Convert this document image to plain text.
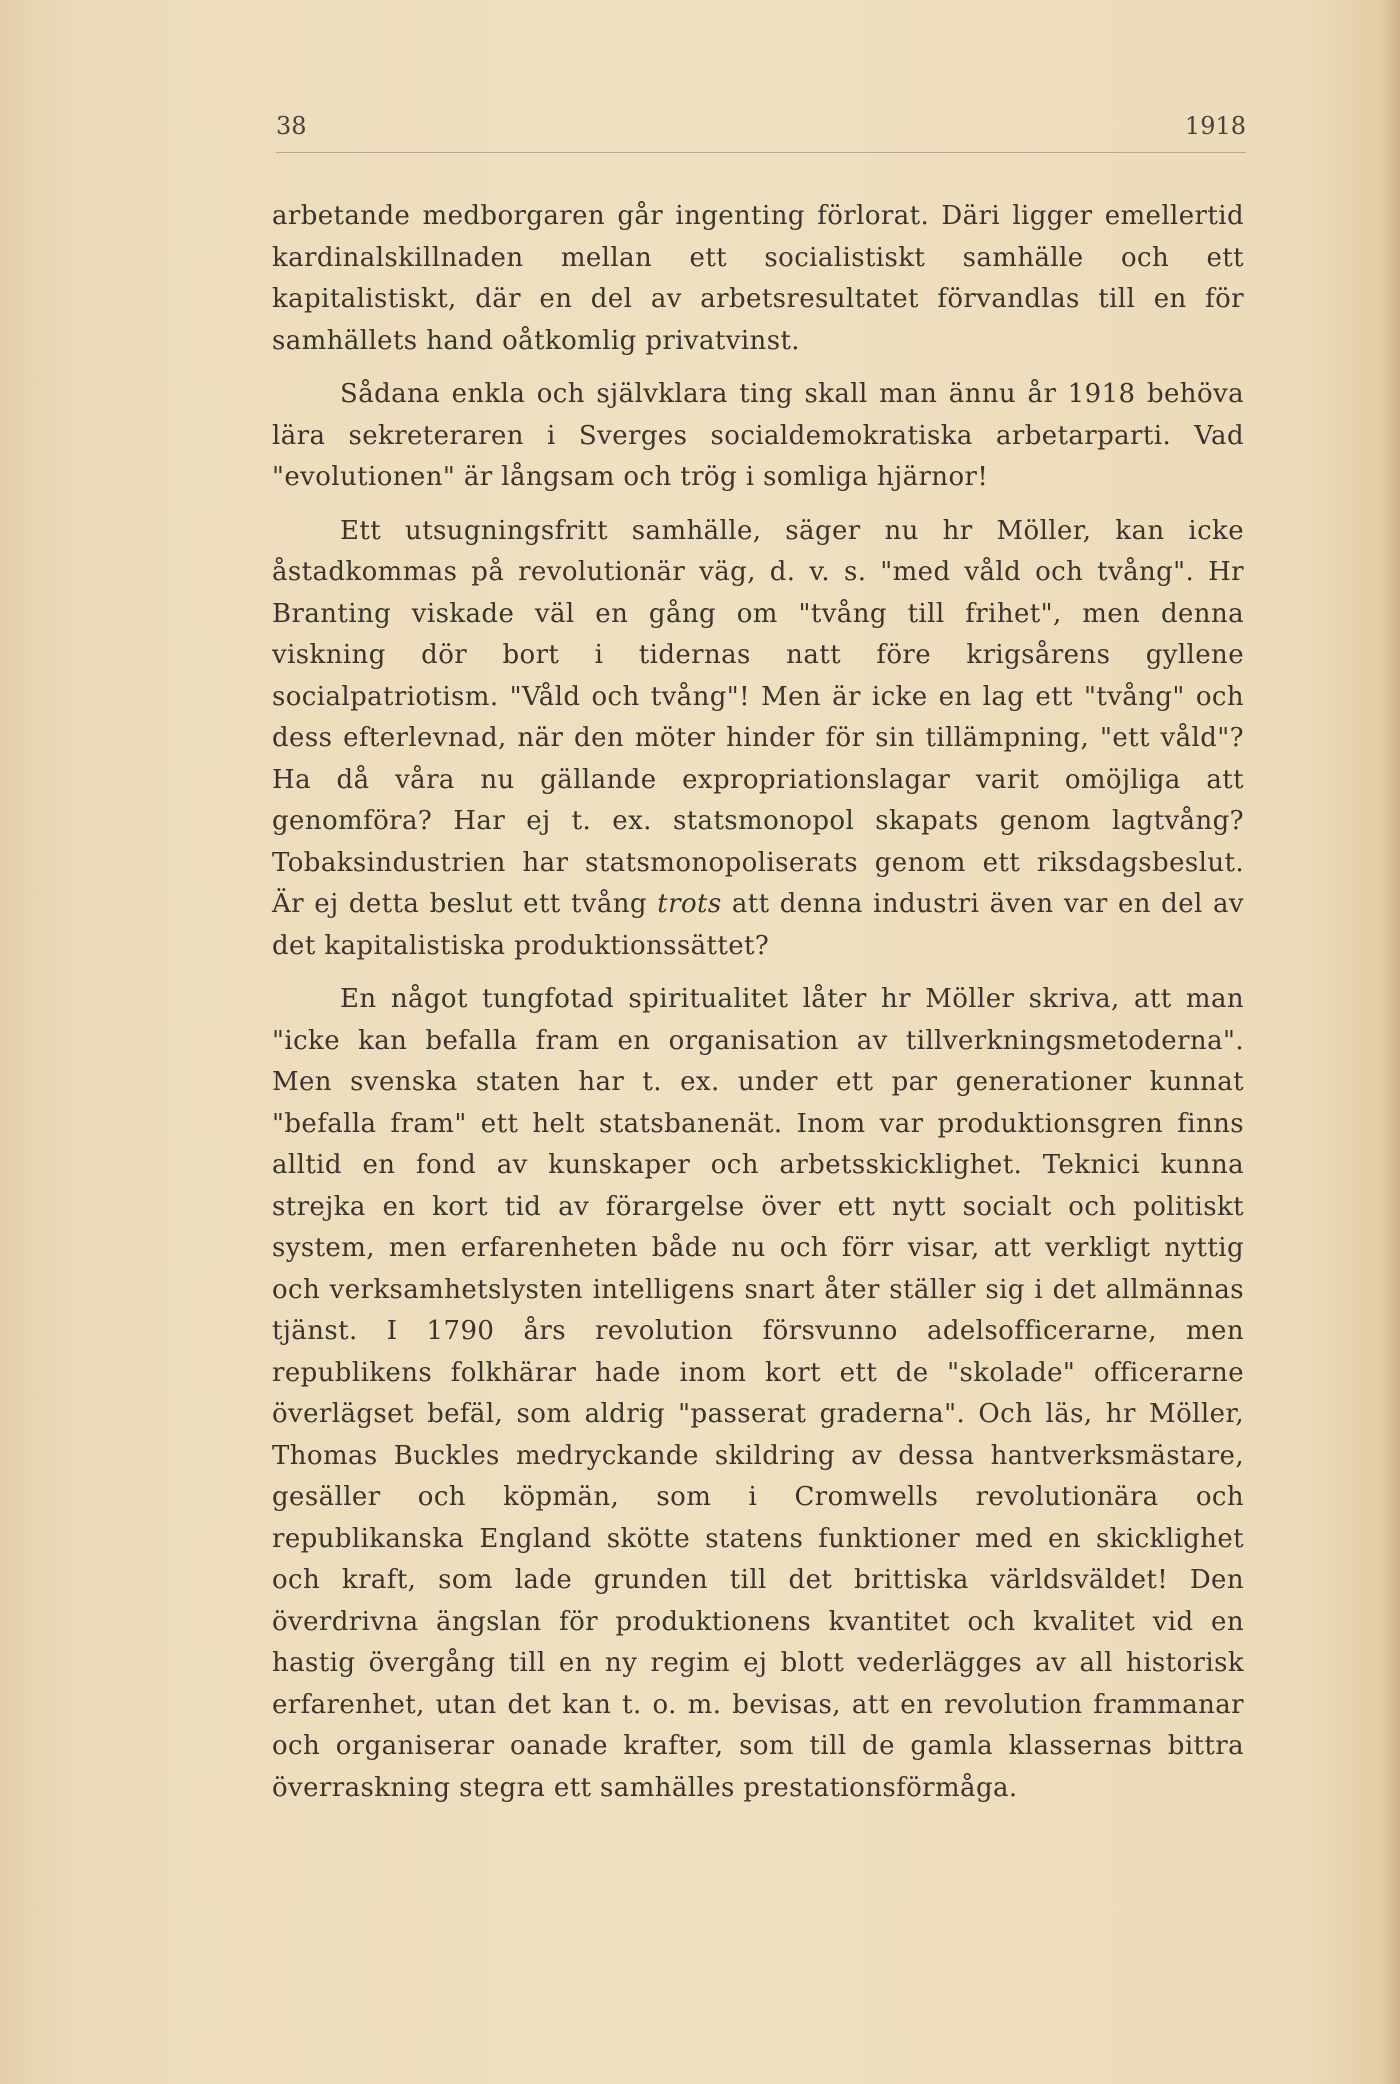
38	1918

arbetande medborgaren går ingenting förlorat. Däri ligger emellertid kardinalskillnaden mellan ett socialistiskt samhälle och ett kapitalistiskt, där en del av arbetsresultatet förvandlas till en för samhällets hand oåtkomlig privatvinst.

Sådana enkla och självklara ting skall man ännu år 1918 behöva lära sekreteraren i Sverges socialdemokratiska arbetarparti. Vad "evolutionen" är långsam och trög i somliga hjärnor!

Ett utsugningsfritt samhälle, säger nu hr Möller, kan icke åstadkommas på revolutionär väg, d. v. s. "med våld och tvång". Hr Branting viskade väl en gång om "tvång till frihet", men denna viskning dör bort i tidernas natt före krigsårens gyllene socialpatriotism. "Våld och tvång"! Men är icke en lag ett "tvång" och dess efterlevnad, när den möter hinder för sin tillämpning, "ett våld"? Ha då våra nu gällande expropriationslagar varit omöjliga att genomföra? Har ej t. ex. statsmonopol skapats genom lagtvång? Tobaksindustrien har statsmonopoliserats genom ett riksdagsbeslut. Är ej detta beslut ett tvång trots att denna industri även var en del av det kapitalistiska produktionssättet?

En något tungfotad spiritualitet låter hr Möller skriva, att man "icke kan befalla fram en organisation av tillverkningsmetoderna". Men svenska staten har t. ex. under ett par generationer kunnat "befalla fram" ett helt statsbanenät. Inom var produktionsgren finns alltid en fond av kunskaper och arbetsskicklighet. Teknici kunna strejka en kort tid av förargelse över ett nytt socialt och politiskt system, men erfarenheten både nu och förr visar, att verkligt nyttig och verksamhetslysten intelligens snart åter ställer sig i det allmännas tjänst. I 1790 års revolution försvunno adelsofficerarne, men republikens folkhärar hade inom kort ett de "skolade" officerarne överlägset befäl, som aldrig "passerat graderna". Och läs, hr Möller, Thomas Buckles medryckande skildring av dessa hantverksmästare, gesäller och köpmän, som i Cromwells revolutionära och republikanska England skötte statens funktioner med en skicklighet och kraft, som lade grunden till det brittiska världsväldet! Den överdrivna ängslan för produktionens kvantitet och kvalitet vid en hastig övergång till en ny regim ej blott vederlägges av all historisk erfarenhet, utan det kan t. o. m. bevisas, att en revolution frammanar och organiserar oanade krafter, som till de gamla klassernas bittra överraskning stegra ett samhälles prestationsförmåga.
